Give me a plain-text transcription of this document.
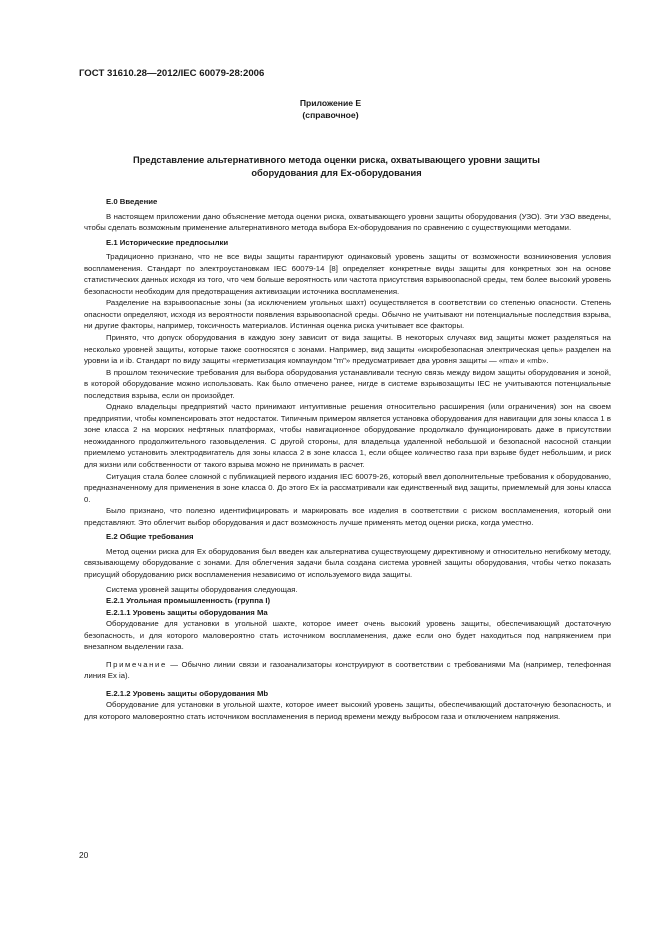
ГОСТ 31610.28—2012/IEC 60079-28:2006
Приложение Е
(справочное)
Представление альтернативного метода оценки риска, охватывающего уровни защиты
оборудования для Ex-оборудования
Е.0 Введение

В настоящем приложении дано объяснение метода оценки риска, охватывающего уровни защиты оборудования (УЗО). Эти УЗО введены, чтобы сделать возможным применение альтернативного метода выбора Ex-оборудования по сравнению с существующими методами.

Е.1 Исторические предпосылки

Традиционно признано, что не все виды защиты гарантируют одинаковый уровень защиты от возможности возникновения условия воспламенения. Стандарт по электроустановкам IEC 60079-14 [8] определяет конкретные виды защиты для конкретных зон на основе статистических данных исходя из того, что чем больше вероятность или частота присутствия взрывоопасной среды, тем более высокий уровень безопасности необходим для предотвращения активизации источника воспламенения.

Разделение на взрывоопасные зоны (за исключением угольных шахт) осуществляется в соответствии со степенью опасности. Степень опасности определяют, исходя из вероятности появления взрывоопасной среды. Обычно не учитывают ни потенциальные последствия взрыва, ни другие факторы, например, токсичность материалов. Истинная оценка риска учитывает все факторы.

Принято, что допуск оборудования в каждую зону зависит от вида защиты. В некоторых случаях вид защиты может разделяться на несколько уровней защиты, которые также соотносятся с зонами. Например, вид защиты «искробезопасная электрическая цепь» разделен на уровни ia и ib. Стандарт по виду защиты «герметизация компаундом "m"» предусматривает два уровня защиты — «ma» и «mb».

В прошлом технические требования для выбора оборудования устанавливали тесную связь между видом защиты оборудования и зоной, в которой оборудование можно использовать. Как было отмечено ранее, нигде в системе взрывозащиты IEC не учитываются потенциальные последствия взрыва, если он произойдет.

Однако владельцы предприятий часто принимают интуитивные решения относительно расширения (или ограничения) зон на своем предприятии, чтобы компенсировать этот недостаток. Типичным примером является установка оборудования для навигации для зоны класса 1 в зоне класса 2 на морских нефтяных платформах, чтобы навигационное оборудование продолжало функционировать даже в присутствии неожиданного продолжительного газовыделения. С другой стороны, для владельца удаленной небольшой и безопасной насосной станции приемлемо установить электродвигатель для зоны класса 2 в зоне класса 1, если общее количество газа при взрыве будет небольшим, и риск для жизни или собственности от такого взрыва можно не принимать в расчет.

Ситуация стала более сложной с публикацией первого издания IEC 60079-26, который ввел дополнительные требования к оборудованию, предназначенному для применения в зоне класса 0. До этого Ex ia рассматривали как единственный вид защиты, приемлемый для зоны класса 0.

Было признано, что полезно идентифицировать и маркировать все изделия в соответствии с риском воспламенения, который они представляют. Это облегчит выбор оборудования и даст возможность лучше применять метод оценки риска, когда уместно.

Е.2 Общие требования

Метод оценки риска для Ex оборудования был введен как альтернатива существующему директивному и относительно негибкому методу, связывающему оборудование с зонами. Для облегчения задачи была создана система уровней защиты оборудования, чтобы четко показать присущий оборудованию риск воспламенения независимо от используемого вида защиты.

Система уровней защиты оборудования следующая.

Е.2.1 Угольная промышленность (группа I)
Е.2.1.1 Уровень защиты оборудования Ma

Оборудование для установки в угольной шахте, которое имеет очень высокий уровень защиты, обеспечивающий достаточную безопасность, и для которого маловероятно стать источником воспламенения, даже если оно будет находиться под напряжением при внезапном выделении газа.

Примечание — Обычно линии связи и газоанализаторы конструируют в соответствии с требованиями Ма (например, телефонная линия Ex ia).

Е.2.1.2 Уровень защиты оборудования Mb

Оборудование для установки в угольной шахте, которое имеет высокий уровень защиты, обеспечивающий достаточную безопасность, и для которого маловероятно стать источником воспламенения в период времени между выбросом газа и отключением напряжения.

20
